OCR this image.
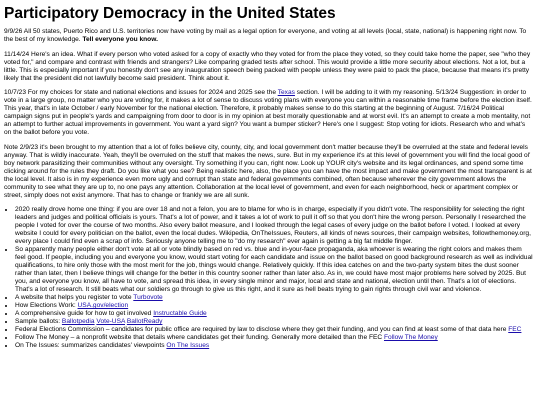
Participatory Democracy in the United States

9/9/26 All 50 states, Puerto Rico and U.S. territories now have voting by mail as a legal option for everyone, and voting at all levels (local, state, national) is happening right now. To the best of my knowledge. Tell everyone you know.

11/14/24 Here's an idea. What if every person who voted asked for a copy of exactly who they voted for from the place they voted, so they could take home the paper, see "who they voted for," and compare and contrast with friends and strangers? Like comparing graded tests after school. This would provide a little more security about elections. Not a lot, but a little. This is especially important if you honestly don't see any inauguration speech being packed with people unless they were paid to pack the place, because that means it's pretty likely that the president did not lawfully become said president. Think about it.

10/7/23 For my choices for state and national elections and issues for 2024 and 2025 see the Texas section. I will be adding to it with my reasoning. 5/13/24 Suggestion: in order to vote in a large group, no matter who you are voting for, it makes a lot of sense to discuss voting plans with everyone you can within a reasonable time frame before the election itself. This year, that's in late October / early November for the national election. Therefore, it probably makes sense to do this starting at the beginning of August. 7/16/24 Political campaign signs put in people's yards and campaigning from door to door is in my opinion at best morally questionable and at worst evil. It's an attempt to create a mob mentality, not an attempt to further actual improvements in government. You want a yard sign? You want a bumper sticker? Here's one I suggest: Stop voting for idiots. Research who and what's on the ballot before you vote.

Note 2/9/23 it's been brought to my attention that a lot of folks believe city, county, city, and local government don't matter because they'll be overruled at the state and federal levels anyway. That is wildly inaccurate. Yeah, they'll be overruled on the stuff that makes the news, sure. But in my experience it's at this level of government you will find the local good ol' boy network parasitizing their communities without any oversight. Try something if you can, right now. Look up YOUR city's website and its legal ordinances, and spend some time clicking around for the rules they draft. Do you like what you see? Being realistic here, also, the place you can have the most impact and make government the most transparent is at the local level. It also is in my experience even more ugly and corrupt than state and federal governments combined, often because wherever the city government allows the community to see what they are up to, no one pays any attention. Collaboration at the local level of government, and even for each neighborhood, heck or apartment complex or street, simply does not exist anymore. That has to change or frankly we are all sunk.

• 2020 really drove home one thing: if you are over 18 and not a felon, you are to blame for who is in charge, especially if you didn't vote. The responsibility for selecting the right leaders and judges and political officials is yours. That's a lot of power, and it takes a lot of work to pull it off so that you don't hire the wrong person. Personally I researched the people I voted for over the course of two months. Also every ballot measure, and I looked through the legal cases of every judge on the ballot before I voted. I looked at every website I could for every politician on the ballot, even the local dudes. Wikipedia, OnTheIssues, Reuters, all kinds of news sources, their campaign websites, followthemoney.org, every place I could find even a scrap of info. Seriously anyone telling me to "do my research" ever again is getting a big fat middle finger.
• So apparently many people either don't vote at all or vote blindly based on red vs. blue and in-your-face propaganda, aka whoever is wearing the right colors and makes them feel good. If people, including you and everyone you know, would start voting for each candidate and issue on the ballot based on good background research as well as individual qualifications, to hire only those with the most merit for the job, things would change. Relatively quickly. If this idea catches on and the two-party system bites the dust sooner rather than later, then I believe things will change for the better in this country sooner rather than later also. As in, we could have most major problems here solved by 2025. But you, and everyone you know, all have to vote, and spread this idea, in every single minor and major, local and state and national, election until then. That's a lot of elections. That's a lot of research. It still beats what our soldiers go through to give us this right, and it sure as hell beats trying to gain rights through civil war and violence.
• A website that helps you register to vote Turbovote
• How Elections Work: USA.gov/election
• A comprehensive guide for how to get involved Instructable Guide
• Sample ballots: Ballotpedia Vote-USA BallotReady
• Federal Elections Commission – candidates for public office are required by law to disclose where they get their funding, and you can find at least some of that data here FEC
• Follow The Money – a nonprofit website that details where candidates get their funding. Generally more detailed than the FEC Follow The Money
• On The Issues: summarizes candidates' viewpoints On The Issues
